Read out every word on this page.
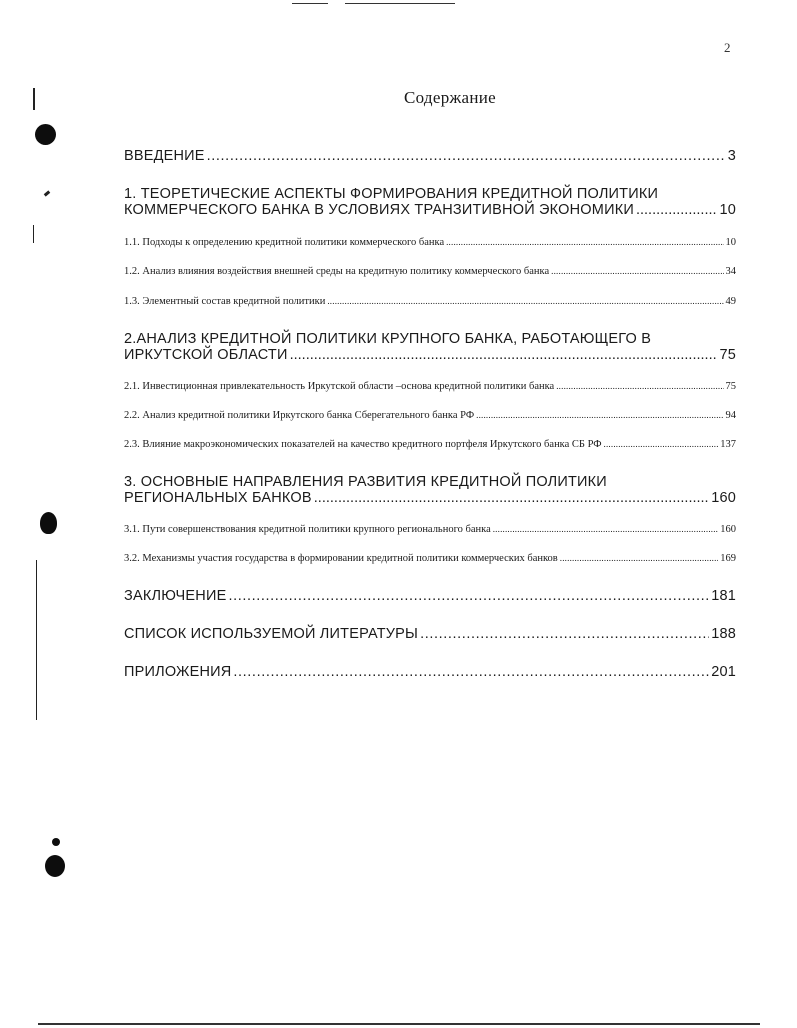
2
Содержание
ВВЕДЕНИЕ .....	3
1. ТЕОРЕТИЧЕСКИЕ АСПЕКТЫ ФОРМИРОВАНИЯ КРЕДИТНОЙ ПОЛИТИКИ
КОММЕРЧЕСКОГО БАНКА В УСЛОВИЯХ ТРАНЗИТИВНОЙ ЭКОНОМИКИ .....	10
1.1. Подходы к определению кредитной политики коммерческого банка .....	10
1.2. Анализ влияния воздействия внешней среды на кредитную политику коммерческого банка .....	34
1.3. Элементный состав кредитной политики .....	49
2.АНАЛИЗ КРЕДИТНОЙ ПОЛИТИКИ КРУПНОГО БАНКА, РАБОТАЮЩЕГО В
ИРКУТСКОЙ ОБЛАСТИ .....	75
2.1. Инвестиционная привлекательность Иркутской области –основа кредитной политики банка .....	75
2.2. Анализ кредитной политики Иркутского банка Сберегательного банка РФ .....	94
2.3. Влияние макроэкономических показателей на качество кредитного портфеля Иркутского банка СБ РФ .....	137
3. ОСНОВНЫЕ НАПРАВЛЕНИЯ РАЗВИТИЯ КРЕДИТНОЙ ПОЛИТИКИ
РЕГИОНАЛЬНЫХ БАНКОВ .....	160
3.1. Пути совершенствования кредитной политики крупного регионального банка .....	160
3.2. Механизмы участия государства в формировании кредитной политики коммерческих банков .....	169
ЗАКЛЮЧЕНИЕ .....	181
СПИСОК ИСПОЛЬЗУЕМОЙ ЛИТЕРАТУРЫ .....	188
ПРИЛОЖЕНИЯ .....	201
